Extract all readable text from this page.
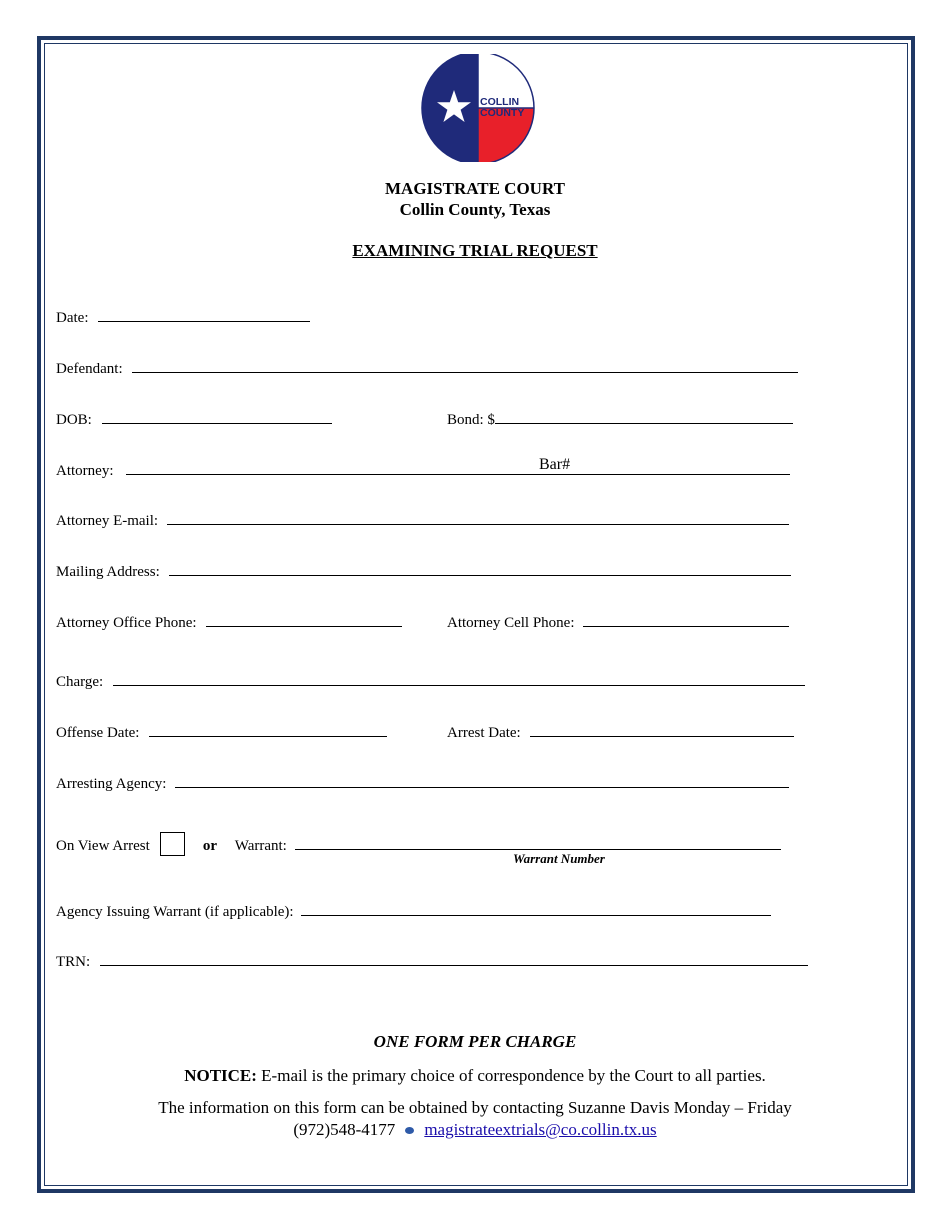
COLLIN
COUNTY
MAGISTRATE COURT
Collin County, Texas
EXAMINING TRIAL REQUEST
Date:
Defendant:
DOB:	Bond: $
Attorney:	Bar#
Attorney E-mail:
Mailing Address:
Attorney Office Phone:	Attorney Cell Phone:
Charge:
Offense Date:	Arrest Date:
Arresting Agency:
On View Arrest	or Warrant:
Warrant Number
Agency Issuing Warrant (if applicable):
TRN:
ONE FORM PER CHARGE
NOTICE: E-mail is the primary choice of correspondence by the Court to all parties.
The information on this form can be obtained by contacting Suzanne Davis Monday – Friday
(972)548-4177 magistrateextrials@co.collin.tx.us
